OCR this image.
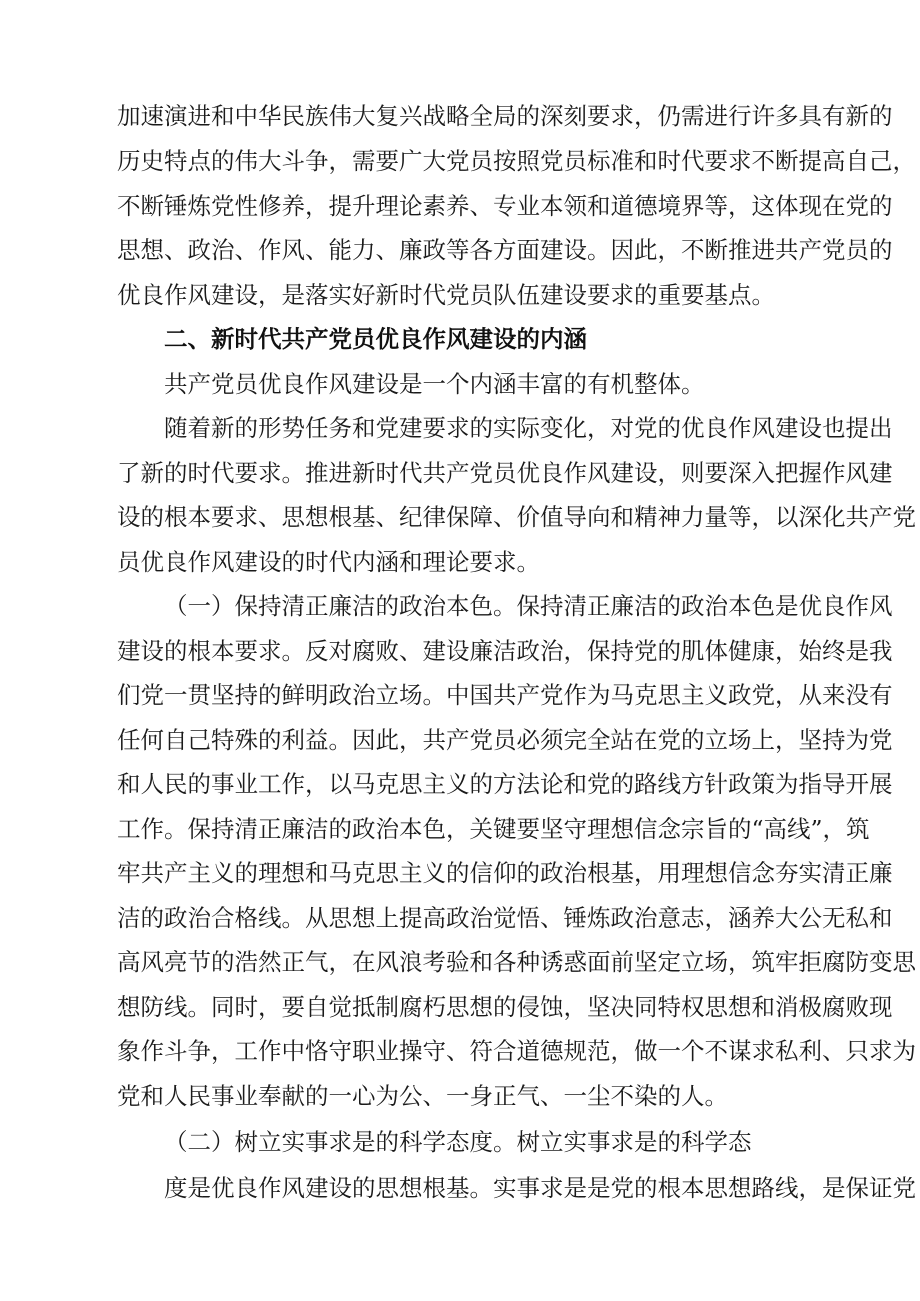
加速演进和中华民族伟大复兴战略全局的深刻要求，仍需进行许多具有新的
历史特点的伟大斗争，需要广大党员按照党员标准和时代要求不断提高自己，
不断锤炼党性修养，提升理论素养、专业本领和道德境界等，这体现在党的
思想、政治、作风、能力、廉政等各方面建设。因此，不断推进共产党员的
优良作风建设，是落实好新时代党员队伍建设要求的重要基点。
二、新时代共产党员优良作风建设的内涵
共产党员优良作风建设是一个内涵丰富的有机整体。
随着新的形势任务和党建要求的实际变化，对党的优良作风建设也提出
了新的时代要求。推进新时代共产党员优良作风建设，则要深入把握作风建
设的根本要求、思想根基、纪律保障、价值导向和精神力量等，以深化共产党
员优良作风建设的时代内涵和理论要求。
（一）保持清正廉洁的政治本色。保持清正廉洁的政治本色是优良作风
建设的根本要求。反对腐败、建设廉洁政治，保持党的肌体健康，始终是我
们党一贯坚持的鲜明政治立场。中国共产党作为马克思主义政党，从来没有
任何自己特殊的利益。因此，共产党员必须完全站在党的立场上，坚持为党
和人民的事业工作，以马克思主义的方法论和党的路线方针政策为指导开展
工作。保持清正廉洁的政治本色，关键要坚守理想信念宗旨的“高线”，筑
牢共产主义的理想和马克思主义的信仰的政治根基，用理想信念夯实清正廉
洁的政治合格线。从思想上提高政治觉悟、锤炼政治意志，涵养大公无私和
高风亮节的浩然正气，在风浪考验和各种诱惑面前坚定立场，筑牢拒腐防变思
想防线。同时，要自觉抵制腐朽思想的侵蚀，坚决同特权思想和消极腐败现
象作斗争，工作中恪守职业操守、符合道德规范，做一个不谋求私利、只求为
党和人民事业奉献的一心为公、一身正气、一尘不染的人。
（二）树立实事求是的科学态度。树立实事求是的科学态
度是优良作风建设的思想根基。实事求是是党的根本思想路线，是保证党
